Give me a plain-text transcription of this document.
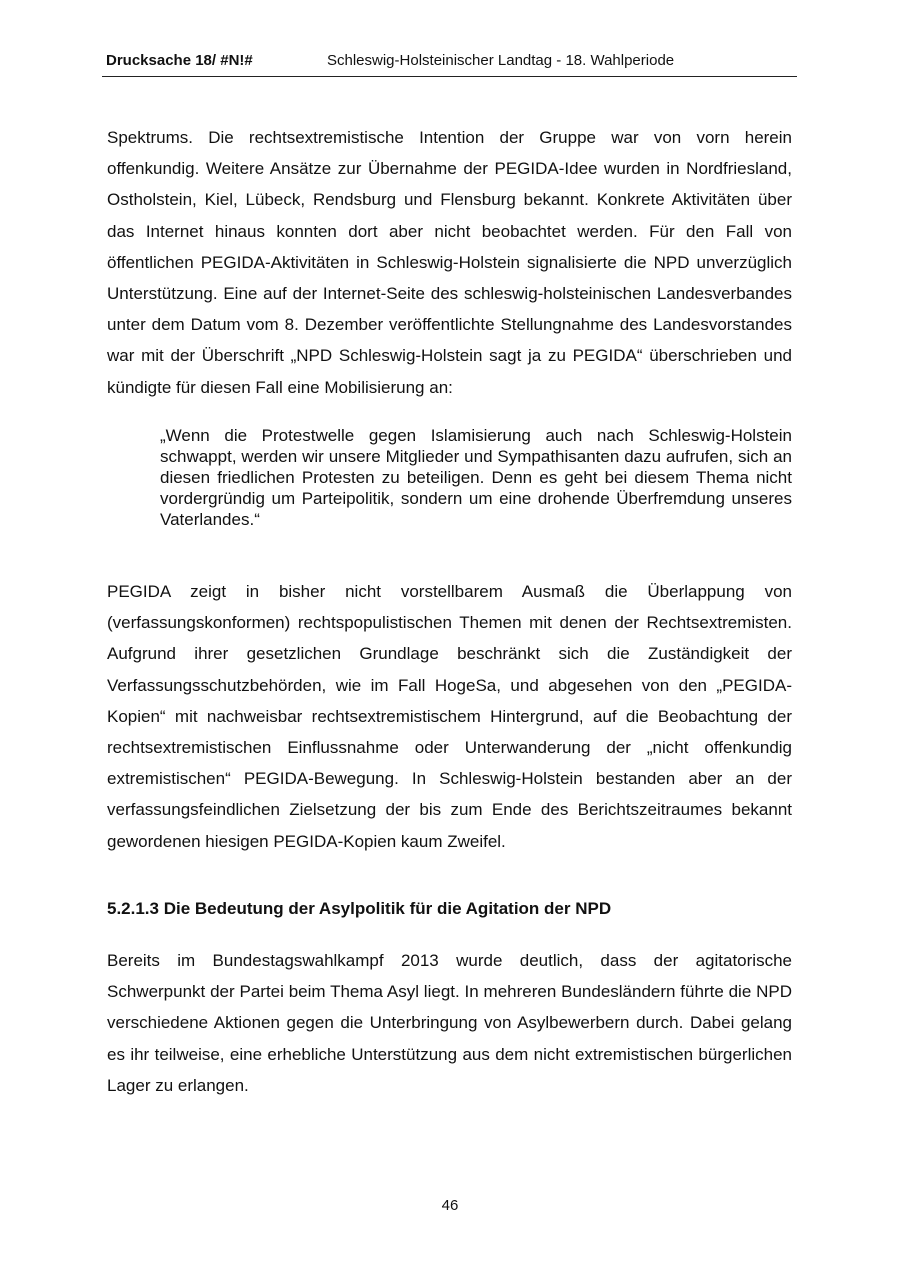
Drucksache 18/ #N!#	Schleswig-Holsteinischer Landtag - 18. Wahlperiode

Spektrums. Die rechtsextremistische Intention der Gruppe war von vorn herein offenkundig. Weitere Ansätze zur Übernahme der PEGIDA-Idee wurden in Nordfriesland, Ostholstein, Kiel, Lübeck, Rendsburg und Flensburg bekannt. Konkrete Aktivitäten über das Internet hinaus konnten dort aber nicht beobachtet werden. Für den Fall von öffentlichen PEGIDA-Aktivitäten in Schleswig-Holstein signalisierte die NPD unverzüglich Unterstützung. Eine auf der Internet-Seite des schleswig-holsteinischen Landesverbandes unter dem Datum vom 8. Dezember veröffentlichte Stellungnahme des Landesvorstandes war mit der Überschrift „NPD Schleswig-Holstein sagt ja zu PEGIDA“ überschrieben und kündigte für diesen Fall eine Mobilisierung an:

„Wenn die Protestwelle gegen Islamisierung auch nach Schleswig-Holstein schwappt, werden wir unsere Mitglieder und Sympathisanten dazu aufrufen, sich an diesen friedlichen Protesten zu beteiligen. Denn es geht bei diesem Thema nicht vordergründig um Parteipolitik, sondern um eine drohende Überfremdung unseres Vaterlandes.“

PEGIDA zeigt in bisher nicht vorstellbarem Ausmaß die Überlappung von (verfassungskonformen) rechtspopulistischen Themen mit denen der Rechtsextremisten. Aufgrund ihrer gesetzlichen Grundlage beschränkt sich die Zuständigkeit der Verfassungsschutzbehörden, wie im Fall HogeSa, und abgesehen von den „PEGIDA-Kopien“ mit nachweisbar rechtsextremistischem Hintergrund, auf die Beobachtung der rechtsextremistischen Einflussnahme oder Unterwanderung der „nicht offenkundig extremistischen“ PEGIDA-Bewegung. In Schleswig-Holstein bestanden aber an der verfassungsfeindlichen Zielsetzung der bis zum Ende des Berichtszeitraumes bekannt gewordenen hiesigen PEGIDA-Kopien kaum Zweifel.

5.2.1.3 Die Bedeutung der Asylpolitik für die Agitation der NPD

Bereits im Bundestagswahlkampf 2013 wurde deutlich, dass der agitatorische Schwerpunkt der Partei beim Thema Asyl liegt. In mehreren Bundesländern führte die NPD verschiedene Aktionen gegen die Unterbringung von Asylbewerbern durch. Dabei gelang es ihr teilweise, eine erhebliche Unterstützung aus dem nicht extremistischen bürgerlichen Lager zu erlangen.

46
